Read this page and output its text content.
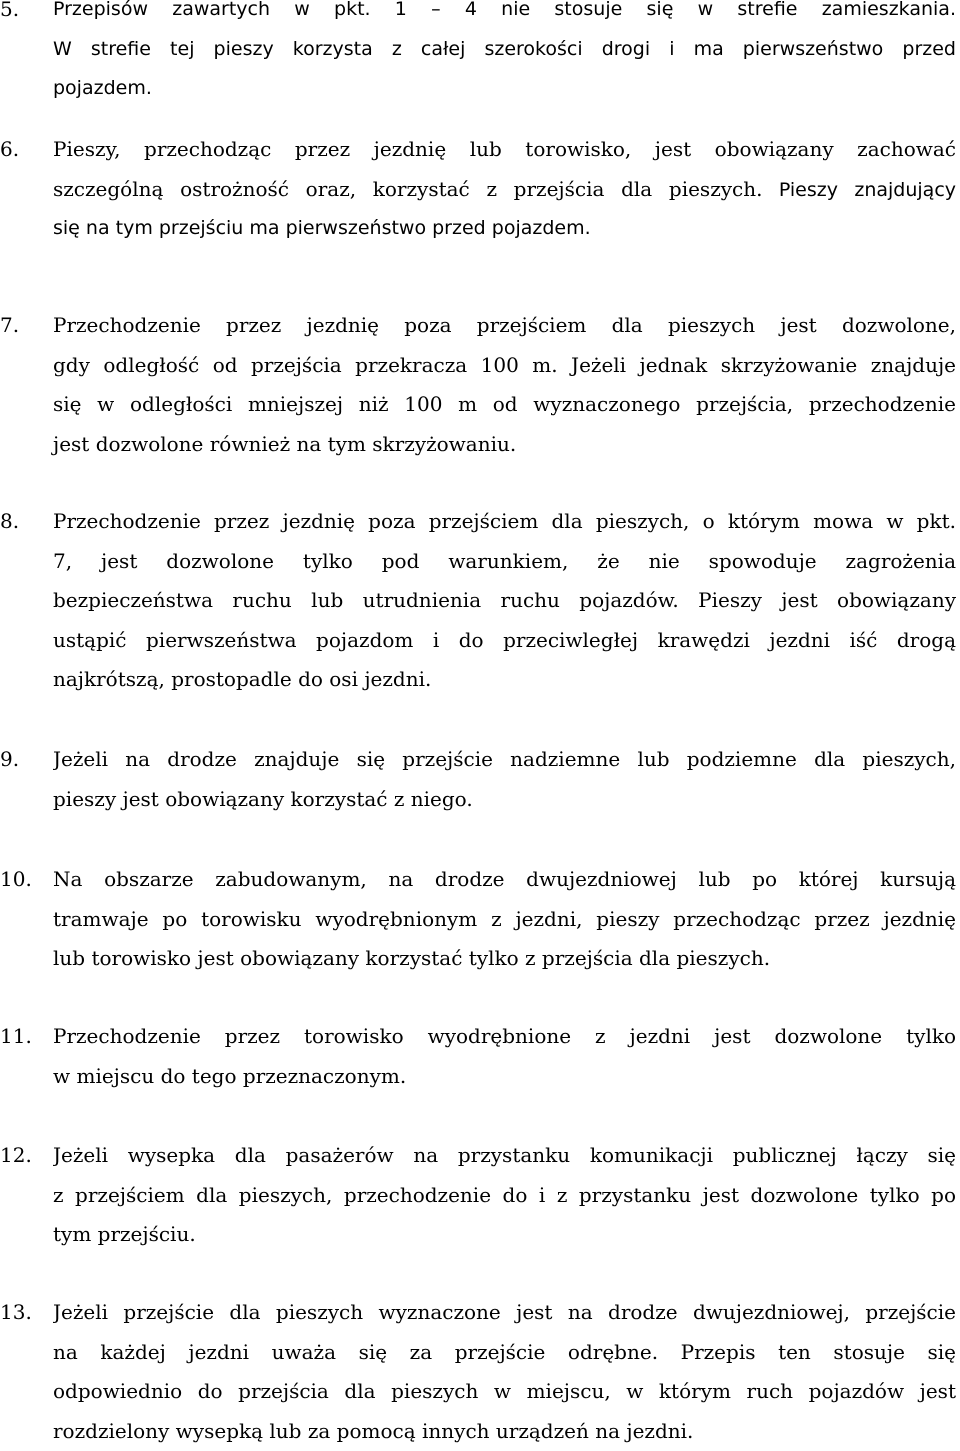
5. Przepisów zawartych w pkt. 1 – 4 nie stosuje się w strefie zamieszkania.
W strefie tej pieszy korzysta z całej szerokości drogi i ma pierwszeństwo przed
pojazdem.
6. Pieszy, przechodząc przez jezdnię lub torowisko, jest obowiązany zachować
szczególną ostrożność oraz, korzystać z przejścia dla pieszych. Pieszy znajdujący
się na tym przejściu ma pierwszeństwo przed pojazdem.
7. Przechodzenie przez jezdnię poza przejściem dla pieszych jest dozwolone,
gdy odległość od przejścia przekracza 100 m. Jeżeli jednak skrzyżowanie znajduje
się w odległości mniejszej niż 100 m od wyznaczonego przejścia, przechodzenie
jest dozwolone również na tym skrzyżowaniu.
8. Przechodzenie przez jezdnię poza przejściem dla pieszych, o którym mowa w pkt.
7, jest dozwolone tylko pod warunkiem, że nie spowoduje zagrożenia
bezpieczeństwa ruchu lub utrudnienia ruchu pojazdów. Pieszy jest obowiązany
ustąpić pierwszeństwa pojazdom i do przeciwległej krawędzi jezdni iść drogą
najkrótszą, prostopadle do osi jezdni.
9. Jeżeli na drodze znajduje się przejście nadziemne lub podziemne dla pieszych,
pieszy jest obowiązany korzystać z niego.
10. Na obszarze zabudowanym, na drodze dwujezdniowej lub po której kursują
tramwaje po torowisku wyodrębnionym z jezdni, pieszy przechodząc przez jezdnię
lub torowisko jest obowiązany korzystać tylko z przejścia dla pieszych.
11. Przechodzenie przez torowisko wyodrębnione z jezdni jest dozwolone tylko
w miejscu do tego przeznaczonym.
12. Jeżeli wysepka dla pasażerów na przystanku komunikacji publicznej łączy się
z przejściem dla pieszych, przechodzenie do i z przystanku jest dozwolone tylko po
tym przejściu.
13. Jeżeli przejście dla pieszych wyznaczone jest na drodze dwujezdniowej, przejście
na każdej jezdni uważa się za przejście odrębne. Przepis ten stosuje się
odpowiednio do przejścia dla pieszych w miejscu, w którym ruch pojazdów jest
rozdzielony wysepką lub za pomocą innych urządzeń na jezdni.
